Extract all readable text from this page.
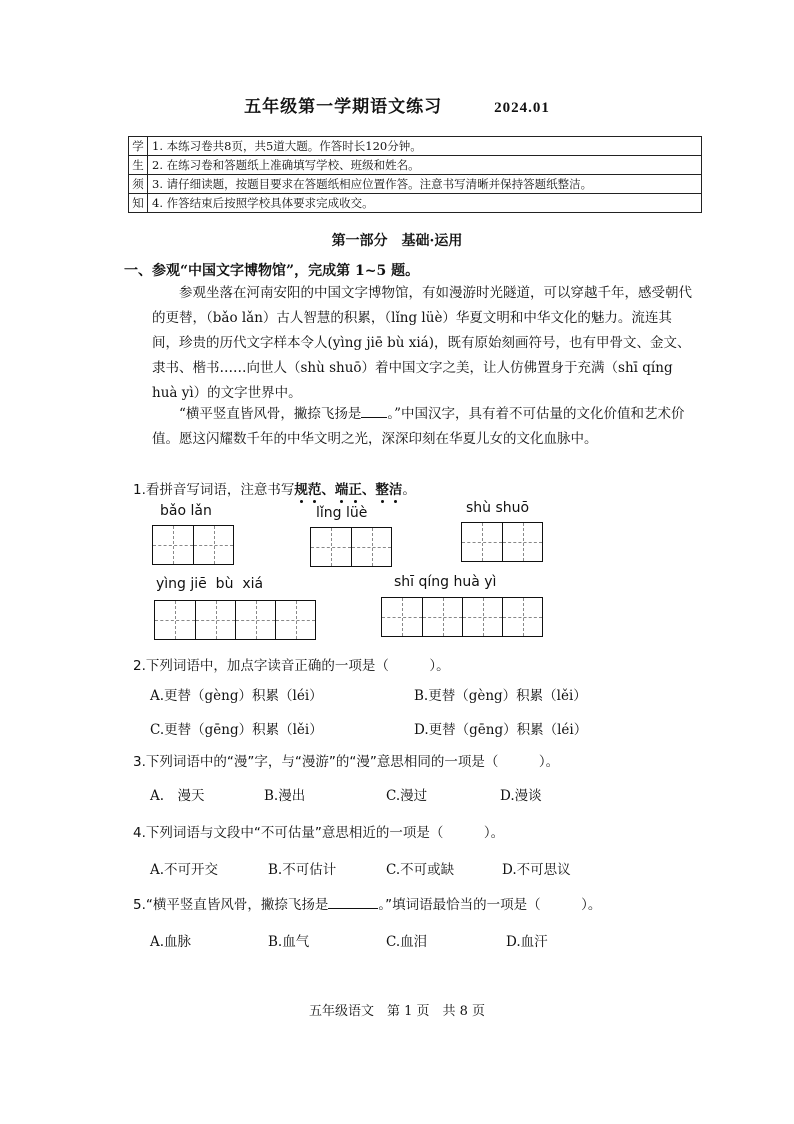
五年级第一学期语文练习	2024.01
学	1. 本练习卷共8页，共5道大题。作答时长120分钟。
生	2. 在练习卷和答题纸上准确填写学校、班级和姓名。
须	3. 请仔细读题，按题目要求在答题纸相应位置作答。注意书写清晰并保持答题纸整洁。
知	4. 作答结束后按照学校具体要求完成收交。
第一部分　基础·运用
一、参观“中国文字博物馆”，完成第 1~5 题。
参观坐落在河南安阳的中国文字博物馆，有如漫游时光隧道，可以穿越千年，感受朝代的更替，（bǎo lǎn）古人智慧的积累，（lǐng lüè）华夏文明和中华文化的魅力。流连其间，珍贵的历代文字样本令人(yìng jiē bù xiá)，既有原始刻画符号，也有甲骨文、金文、隶书、楷书……向世人（shù shuō）着中国文字之美，让人仿佛置身于充满（shī qíng huà yì）的文字世界中。
“横平竖直皆风骨，撇捺飞扬是 。”中国汉字，具有着不可估量的文化价值和艺术价值。愿这闪耀数千年的中华文明之光，深深印刻在华夏儿女的文化血脉中。
1.看拼音写词语，注意书写规范、端正、整洁。
bǎo lǎn	lǐng lüè	shù shuō
yìng jiē  bù  xiá	shī qíng huà yì
2.下列词语中，加点字读音正确的一项是（　　　）。
A.更替（gèng）积累（léi）	B.更替（gèng）积累（lěi）
C.更替（gēng）积累（lěi）	D.更替（gēng）积累（léi）
3.下列词语中的“漫”字，与“漫游”的“漫”意思相同的一项是（　　　）。
A.　漫天	B.漫出	C.漫过	D.漫谈
4.下列词语与文段中“不可估量”意思相近的一项是（　　　）。
A.不可开交	B.不可估计	C.不可或缺	D.不可思议
5.“横平竖直皆风骨，撇捺飞扬是	。”填词语最恰当的一项是（　　　）。
A.血脉	B.血气	C.血泪	D.血汗
五年级语文　第 1 页　共 8 页
